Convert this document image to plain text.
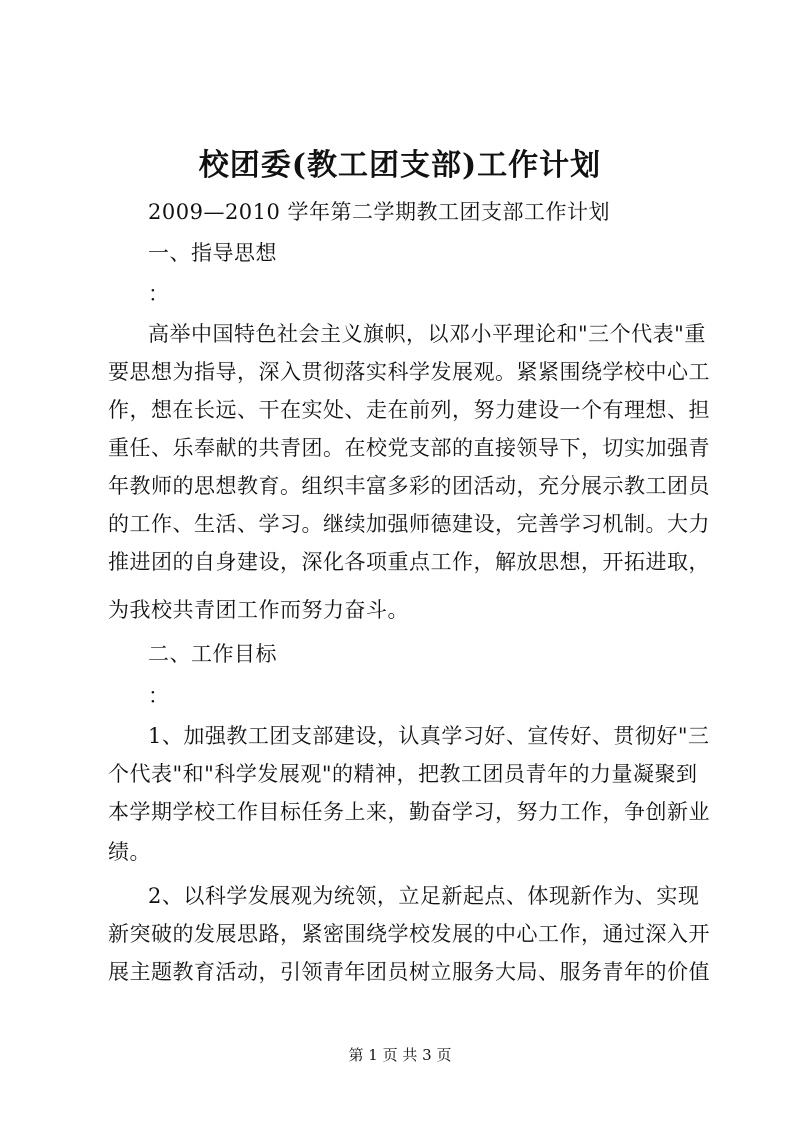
校团委(教工团支部)工作计划
2009—2010 学年第二学期教工团支部工作计划
一、指导思想
：
高举中国特色社会主义旗帜，以邓小平理论和"三个代表"重
要思想为指导，深入贯彻落实科学发展观。紧紧围绕学校中心工
作，想在长远、干在实处、走在前列，努力建设一个有理想、担
重任、乐奉献的共青团。在校党支部的直接领导下，切实加强青
年教师的思想教育。组织丰富多彩的团活动，充分展示教工团员
的工作、生活、学习。继续加强师德建设，完善学习机制。大力
推进团的自身建设，深化各项重点工作，解放思想，开拓进取，
为我校共青团工作而努力奋斗。
二、工作目标
：
1、加强教工团支部建设，认真学习好、宣传好、贯彻好"三
个代表"和"科学发展观"的精神，把教工团员青年的力量凝聚到
本学期学校工作目标任务上来，勤奋学习，努力工作，争创新业
绩。
2、以科学发展观为统领，立足新起点、体现新作为、实现
新突破的发展思路，紧密围绕学校发展的中心工作，通过深入开
展主题教育活动，引领青年团员树立服务大局、服务青年的价值
第 1 页 共 3 页
